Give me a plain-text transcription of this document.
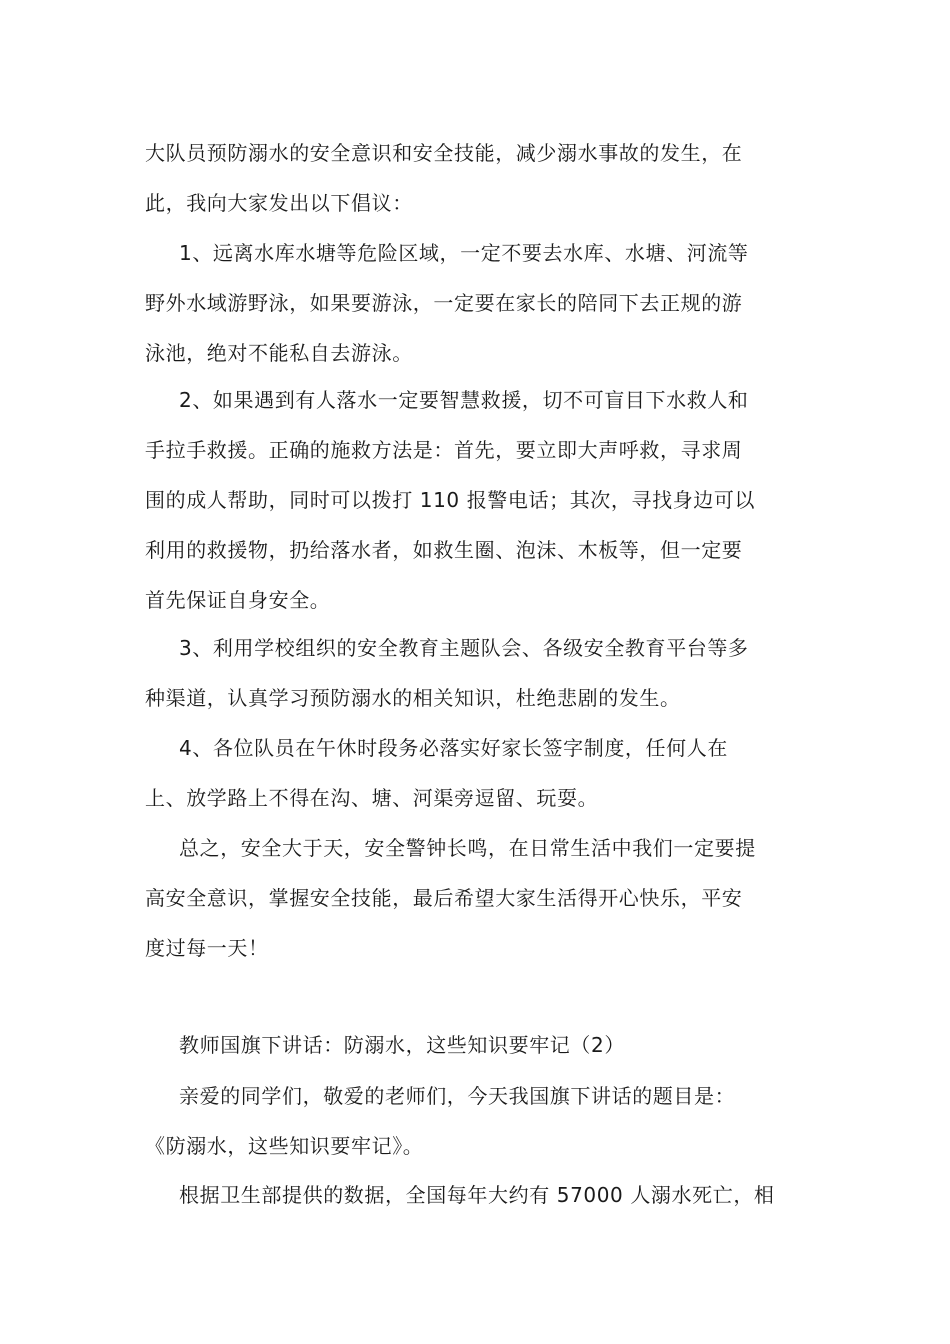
大队员预防溺水的安全意识和安全技能，减少溺水事故的发生，在
此，我向大家发出以下倡议：

1、远离水库水塘等危险区域，一定不要去水库、水塘、河流等
野外水域游野泳，如果要游泳，一定要在家长的陪同下去正规的游
泳池，绝对不能私自去游泳。

2、如果遇到有人落水一定要智慧救援，切不可盲目下水救人和
手拉手救援。正确的施救方法是：首先，要立即大声呼救，寻求周
围的成人帮助，同时可以拨打 110 报警电话；其次，寻找身边可以
利用的救援物，扔给落水者，如救生圈、泡沫、木板等，但一定要
首先保证自身安全。

3、利用学校组织的安全教育主题队会、各级安全教育平台等多
种渠道，认真学习预防溺水的相关知识，杜绝悲剧的发生。

4、各位队员在午休时段务必落实好家长签字制度，任何人在
上、放学路上不得在沟、塘、河渠旁逗留、玩耍。

总之，安全大于天，安全警钟长鸣，在日常生活中我们一定要提
高安全意识，掌握安全技能，最后希望大家生活得开心快乐，平安
度过每一天！

教师国旗下讲话：防溺水，这些知识要牢记（2）

亲爱的同学们，敬爱的老师们，今天我国旗下讲话的题目是：
《防溺水，这些知识要牢记》。

根据卫生部提供的数据，全国每年大约有 57000 人溺水死亡，相
